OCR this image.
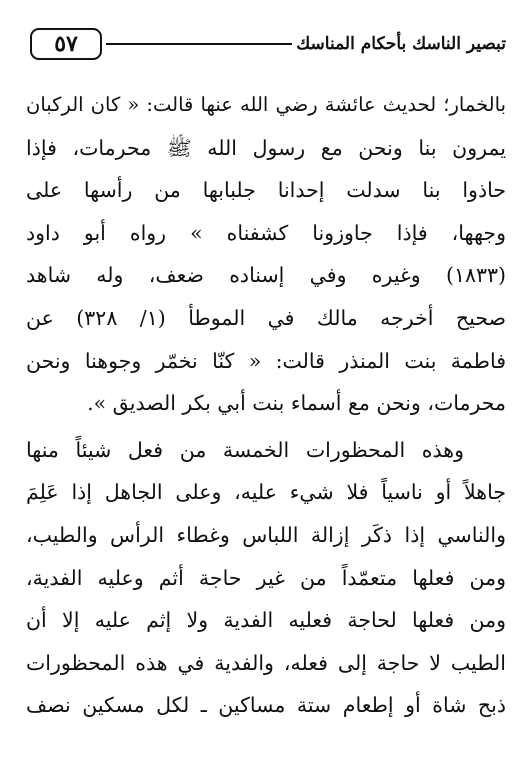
تبصير الناسك بأحكام المناسك
٥٧
بالخمار؛ لحديث عائشة رضي الله عنها قالت: « كان الركبان
يمرون بنا ونحن مع رسول الله ﷺ محرمات، فإذا
حاذوا بنا سدلت إحدانا جلبابها من رأسها على
وجهها، فإذا جاوزونا كشفناه » رواه أبو داود
(١٨٣٣) وغيره وفي إسناده ضعف، وله شاهد
صحيح أخرجه مالك في الموطأ (١/ ٣٢٨) عن
فاطمة بنت المنذر قالت: « كنّا نخمّر وجوهنا ونحن
محرمات، ونحن مع أسماء بنت أبي بكر الصديق ».
وهذه المحظورات الخمسة من فعل شيئاً منها
جاهلاً أو ناسياً فلا شيء عليه، وعلى الجاهل إذا عَلِمَ
والناسي إذا ذكَر إزالة اللباس وغطاء الرأس والطيب،
ومن فعلها متعمّداً من غير حاجة أثم وعليه الفدية،
ومن فعلها لحاجة فعليه الفدية ولا إثم عليه إلا أن
الطيب لا حاجة إلى فعله، والفدية في هذه المحظورات
ذبح شاة أو إطعام ستة مساكين ـ لكل مسكين نصف
